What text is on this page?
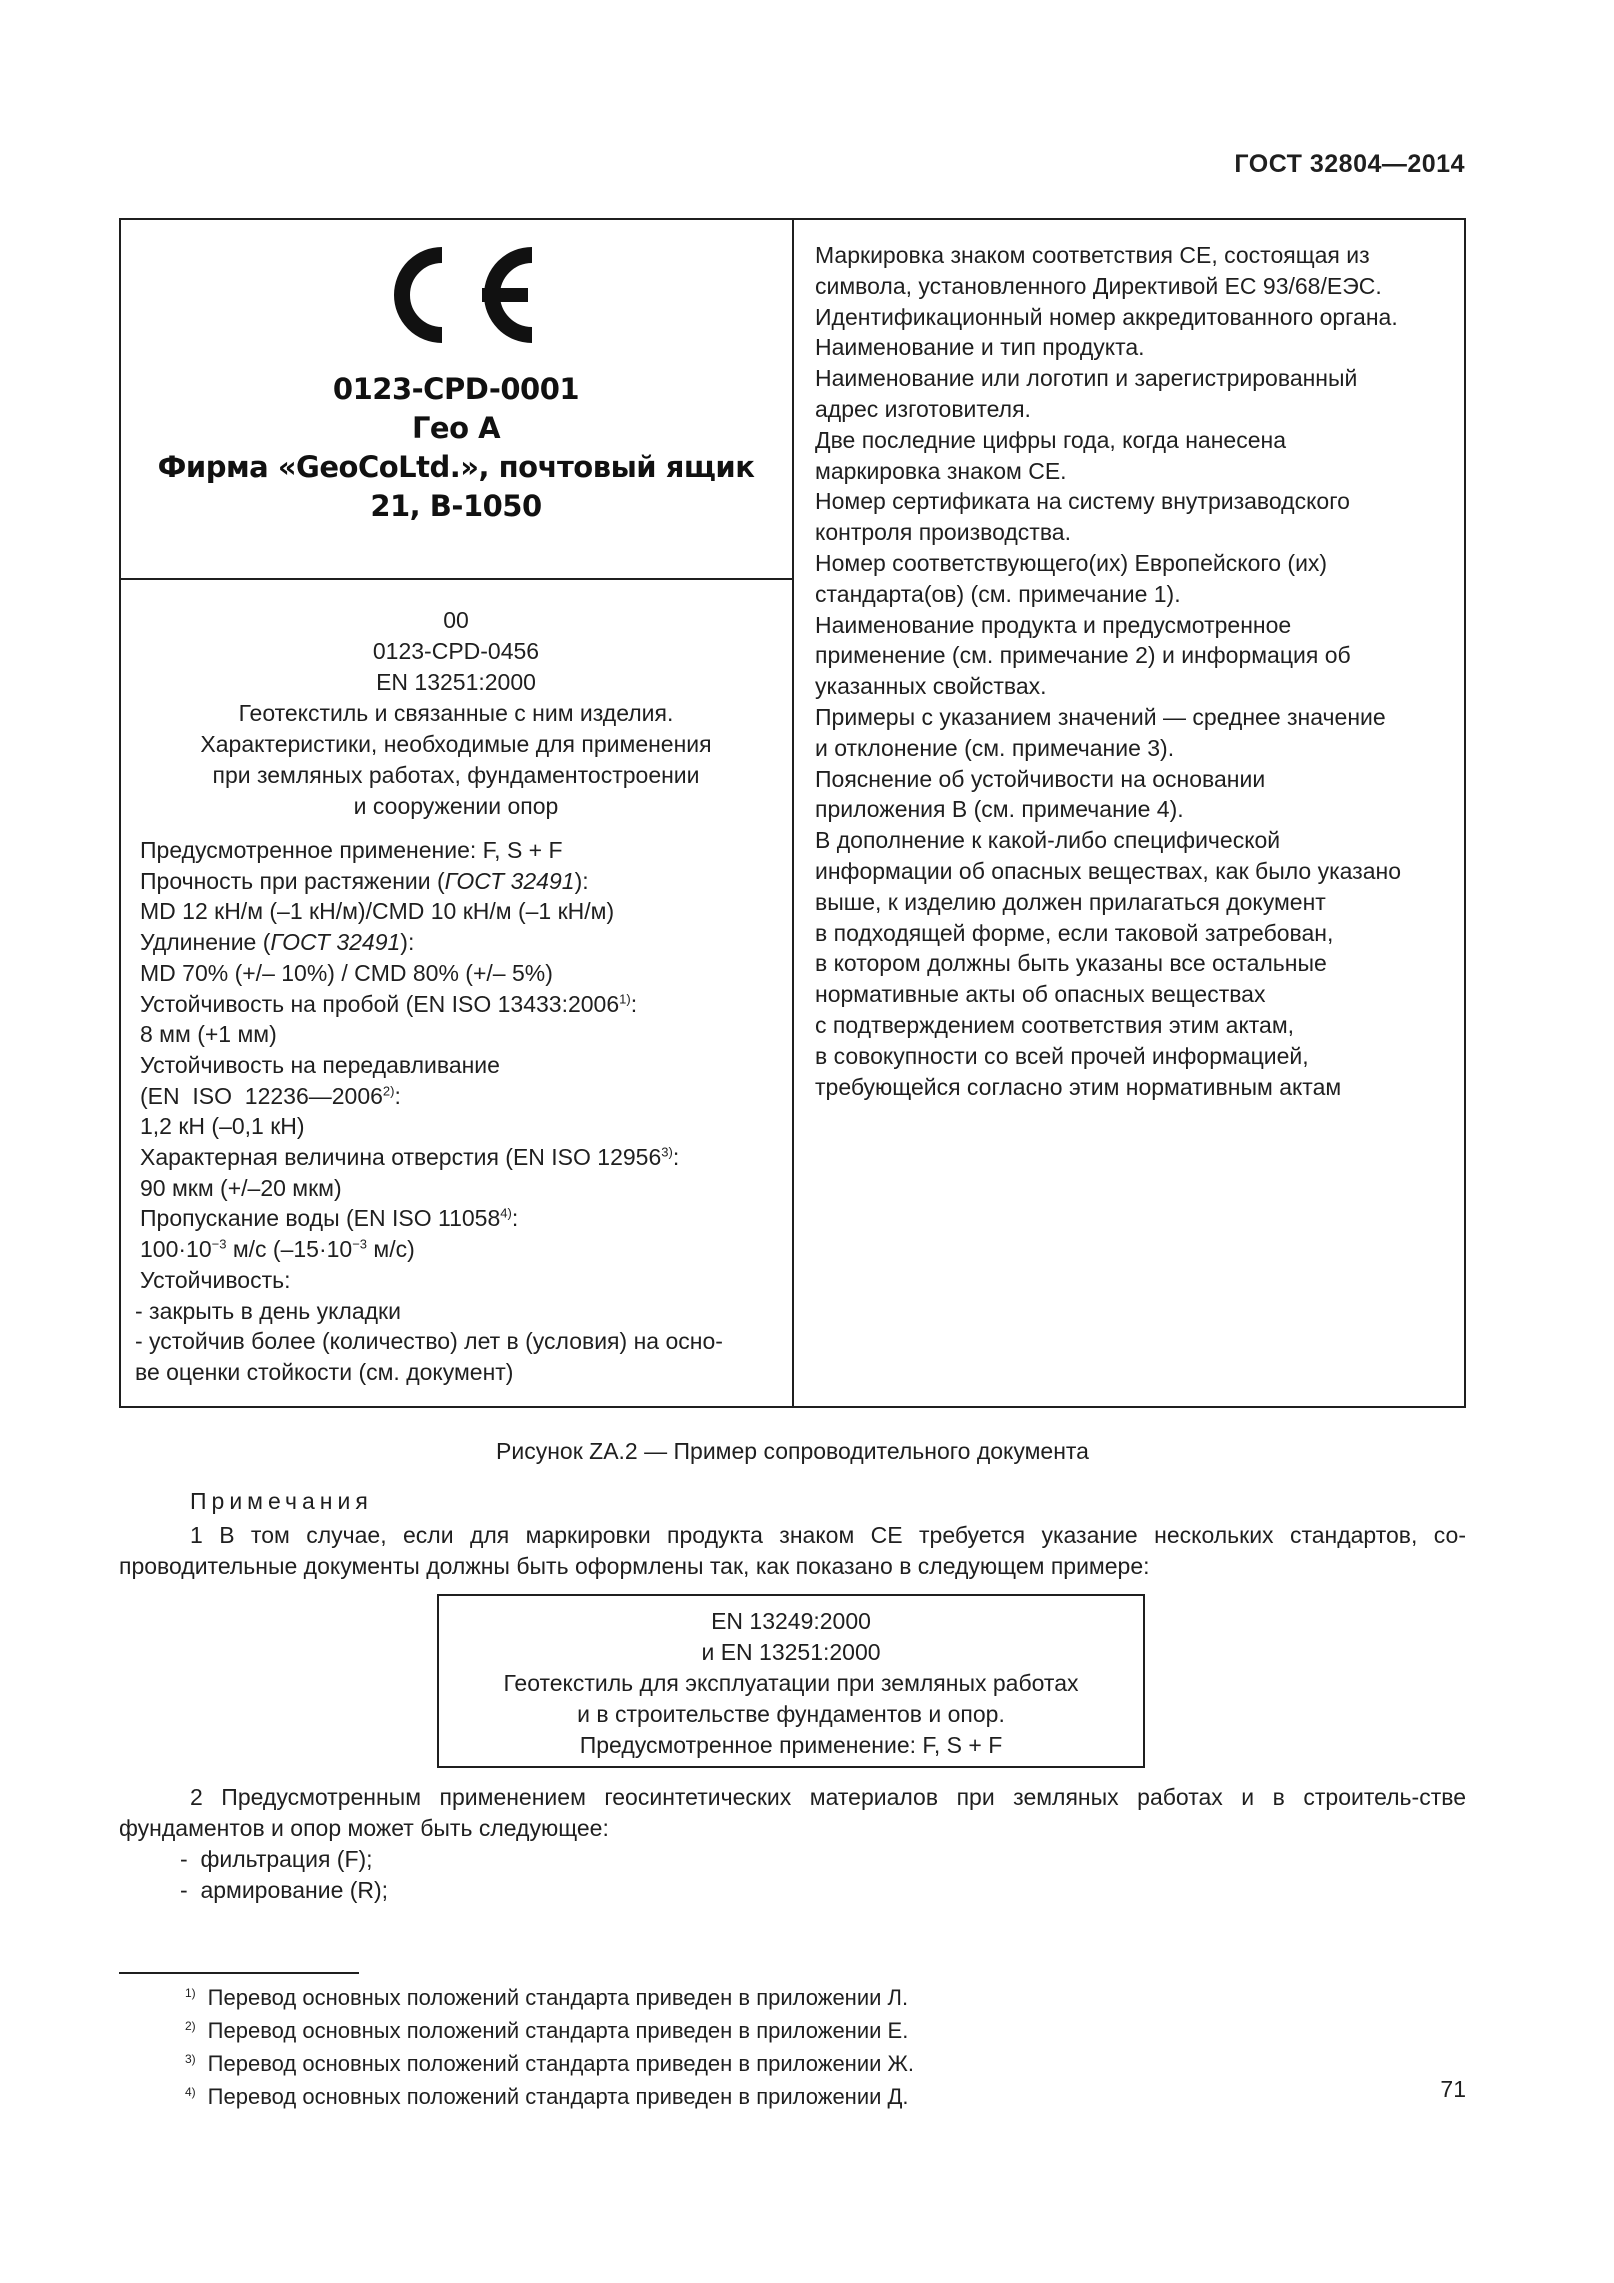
ГОСТ 32804—2014
0123-CPD-0001
Гео А
Фирма «GeoCoLtd.», почтовый ящик
21, B-1050
00
0123-CPD-0456
EN 13251:2000
Геотекстиль и связанные с ним изделия.
Характеристики, необходимые для применения
при земляных работах, фундаментостроении
и сооружении опор
Предусмотренное применение: F, S + F
Прочность при растяжении (ГОСТ 32491):
MD 12 кН/м (–1 кН/м)/CMD 10 кН/м (–1 кН/м)
Удлинение (ГОСТ 32491):
MD 70% (+/– 10%) / CMD 80% (+/– 5%)
Устойчивость на пробой (EN ISO 13433:2006$^{1)}$:
8 мм (+1 мм)
Устойчивость на передавливание
(EN  ISO  12236—2006$^{2)}$:
1,2 кН (–0,1 кН)
Характерная величина отверстия (EN ISO 12956$^{3)}$:
90 мкм (+/–20 мкм)
Пропускание воды (EN ISO 11058$^{4)}$:
$100\cdot 10^{-3}$ м/с ($-15\cdot 10^{-3}$ м/с)
Устойчивость:
- закрыть в день укладки
- устойчив более (количество) лет в (условия) на осно-
ве оценки стойкости (см. документ)
Маркировка знаком соответствия СЕ, состоящая из
символа, установленного Директивой ЕС 93/68/ЕЭС.
Идентификационный номер аккредитованного органа.
Наименование и тип продукта.
Наименование или логотип и зарегистрированный
адрес изготовителя.
Две последние цифры года, когда нанесена
маркировка знаком СЕ.
Номер сертификата на систему внутризаводского
контроля производства.
Номер соответствующего(их) Европейского (их)
стандарта(ов) (см. примечание 1).
Наименование продукта и предусмотренное
применение (см. примечание 2) и информация об
указанных свойствах.
Примеры с указанием значений — среднее значение
и отклонение (см. примечание 3).
Пояснение об устойчивости на основании
приложения В (см. примечание 4).
В дополнение к какой-либо специфической
информации об опасных веществах, как было указано
выше, к изделию должен прилагаться документ
в подходящей форме, если таковой затребован,
в котором должны быть указаны все остальные
нормативные акты об опасных веществах
с подтверждением соответствия этим актам,
в совокупности со всей прочей информацией,
требующейся согласно этим нормативным актам
Рисунок ZA.2 — Пример сопроводительного документа
Примечания
1 В том случае, если для маркировки продукта знаком CE требуется указание нескольких стандартов, со-проводительные документы должны быть оформлены так, как показано в следующем примере:
EN 13249:2000
и EN 13251:2000
Геотекстиль для эксплуатации при земляных работах
и в строительстве фундаментов и опор.
Предусмотренное применение: F, S + F
2 Предусмотренным применением геосинтетических материалов при земляных работах и в строитель-стве фундаментов и опор может быть следующее:
-  фильтрация (F);
-  армирование (R);
$^{1)}$ Перевод основных положений стандарта приведен в приложении Л.
$^{2)}$ Перевод основных положений стандарта приведен в приложении Е.
$^{3)}$ Перевод основных положений стандарта приведен в приложении Ж.
$^{4)}$ Перевод основных положений стандарта приведен в приложении Д.	71
